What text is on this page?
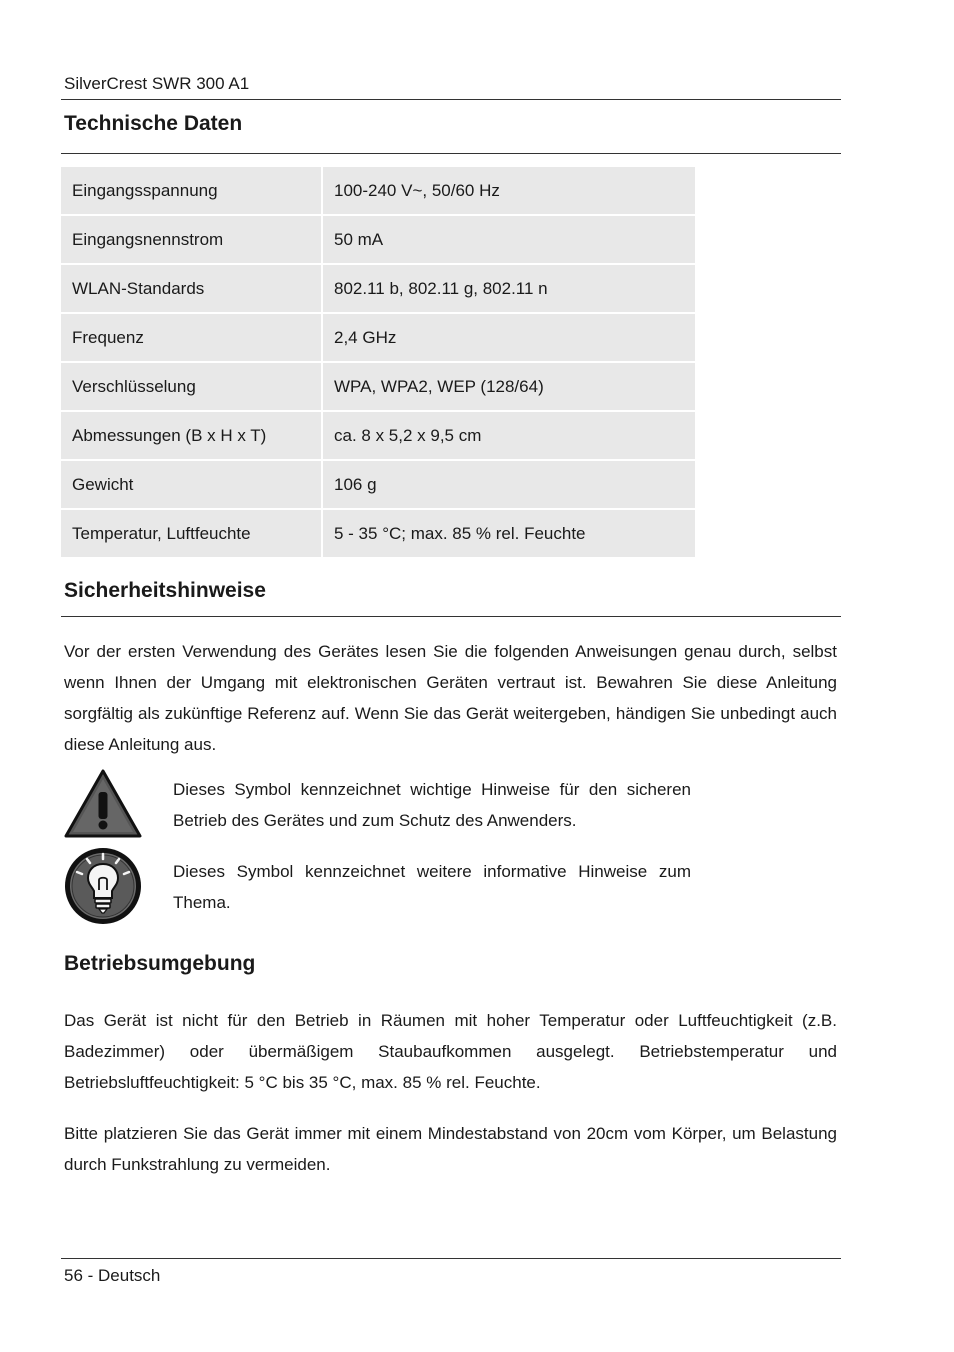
SilverCrest SWR 300 A1
Technische Daten
Eingangsspannung	100-240 V~, 50/60 Hz
Eingangsnennstrom	50 mA
WLAN-Standards	802.11 b, 802.11 g, 802.11 n
Frequenz	2,4 GHz
Verschlüsselung	WPA, WPA2, WEP (128/64)
Abmessungen (B x H x T)	ca. 8 x 5,2 x 9,5 cm
Gewicht	106 g
Temperatur, Luftfeuchte	5 - 35 °C; max. 85 % rel. Feuchte
Sicherheitshinweise

Vor der ersten Verwendung des Gerätes lesen Sie die folgenden Anweisungen genau durch, selbst wenn Ihnen der Umgang mit elektronischen Geräten vertraut ist. Bewahren Sie diese Anleitung sorgfältig als zukünftige Referenz auf. Wenn Sie das Gerät weitergeben, händigen Sie unbedingt auch diese Anleitung aus.

Dieses Symbol kennzeichnet wichtige Hinweise für den sicheren Betrieb des Gerätes und zum Schutz des Anwenders.

Dieses Symbol kennzeichnet weitere informative Hinweise zum Thema.

Betriebsumgebung

Das Gerät ist nicht für den Betrieb in Räumen mit hoher Temperatur oder Luftfeuchtigkeit (z.B. Badezimmer) oder übermäßigem Staubaufkommen ausgelegt. Betriebstemperatur und Betriebsluftfeuchtigkeit: 5 °C bis 35 °C, max. 85 % rel. Feuchte.

Bitte platzieren Sie das Gerät immer mit einem Mindestabstand von 20cm vom Körper, um Belastung durch Funkstrahlung zu vermeiden.

56 - Deutsch
